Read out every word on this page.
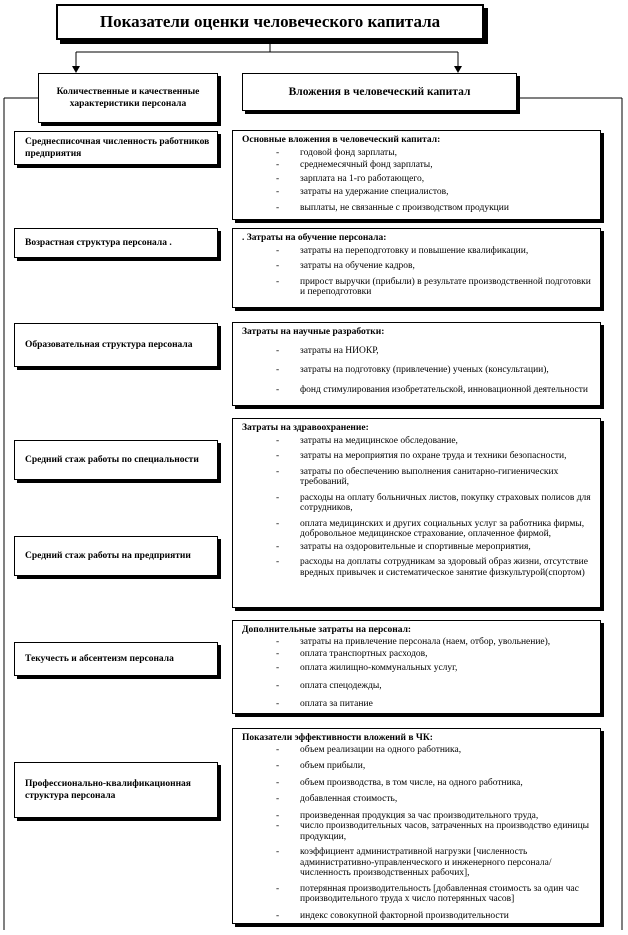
Показатели оценки человеческого капитала
Количественные и качественные характеристики персонала
Вложения в человеческий капитал
Среднесписочная численность работников предприятия
Возрастная структура персонала .
Образовательная структура персонала
Средний стаж работы по специальности
Средний стаж работы на предприятии
Текучесть и абсентеизм персонала
Профессионально-квалификационная структура персонала
Основные вложения в человеческий капитал:
- годовой фонд зарплаты,
- среднемесячный фонд зарплаты,
- зарплата на 1-го работающего,
- затраты на удержание специалистов,
- выплаты, не связанные с производством продукции
. Затраты на обучение персонала:
- затраты на переподготовку и повышение квалификации,
- затраты на обучение кадров,
- прирост выручки (прибыли) в результате производственной подготовки и переподготовки
Затраты на научные разработки:
- затраты на НИОКР,
- затраты на подготовку (привлечение) ученых (консультации),
- фонд стимулирования изобретательской, инновационной деятельности
Затраты на здравоохранение:
- затраты на медицинское обследование,
- затраты на мероприятия по охране труда и техники безопасности,
- затраты по обеспечению выполнения санитарно-гигиенических требований,
- расходы на оплату больничных листов, покупку страховых полисов для сотрудников,
- оплата медицинских и других социальных услуг за работника фирмы, добровольное медицинское страхование, оплаченное фирмой,
- затраты на оздоровительные и спортивные мероприятия,
- расходы на доплаты сотрудникам за здоровый образ жизни, отсутствие вредных привычек и систематическое занятие физкультурой(спортом)
Дополнительные затраты на персонал:
- затраты на привлечение персонала (наем, отбор, увольнение),
- оплата транспортных расходов,
- оплата жилищно-коммунальных услуг,
- оплата спецодежды,
- оплата за питание
Показатели эффективности вложений в ЧК:
- объем реализации на одного работника,
- объем прибыли,
- объем производства, в том числе, на одного работника,
- добавленная стоимость,
- произведенная продукция за час производительного труда,
- число производительных часов, затраченных на производство единицы продукции,
- коэффициент административной нагрузки [численность административно-управленческого и инженерного персонала/численность производственных рабочих],
- потерянная производительность [добавленная стоимость за один час производительного труда х число потерянных часов]
- индекс совокупной факторной производительности
